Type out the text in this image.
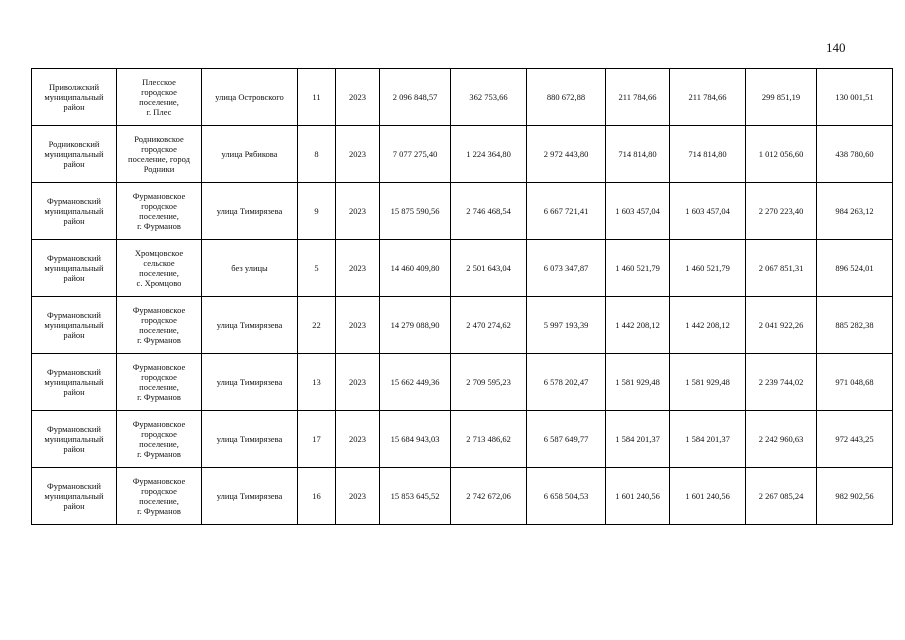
140
Приволжский
муниципальный
район	Плесское
городское
поселение,
г. Плес	улица Островского	11	2023	2 096 848,57	362 753,66	880 672,88	211 784,66	211 784,66	299 851,19	130 001,51
Родниковский
муниципальный
район	Родниковское
городское
поселение, город
Родники	улица Рябикова	8	2023	7 077 275,40	1 224 364,80	2 972 443,80	714 814,80	714 814,80	1 012 056,60	438 780,60
Фурмановский
муниципальный
район	Фурмановское
городское
поселение,
г. Фурманов	улица Тимирязева	9	2023	15 875 590,56	2 746 468,54	6 667 721,41	1 603 457,04	1 603 457,04	2 270 223,40	984 263,12
Фурмановский
муниципальный
район	Хромцовское
сельское
поселение,
с. Хромцово	без улицы	5	2023	14 460 409,80	2 501 643,04	6 073 347,87	1 460 521,79	1 460 521,79	2 067 851,31	896 524,01
Фурмановский
муниципальный
район	Фурмановское
городское
поселение,
г. Фурманов	улица Тимирязева	22	2023	14 279 088,90	2 470 274,62	5 997 193,39	1 442 208,12	1 442 208,12	2 041 922,26	885 282,38
Фурмановский
муниципальный
район	Фурмановское
городское
поселение,
г. Фурманов	улица Тимирязева	13	2023	15 662 449,36	2 709 595,23	6 578 202,47	1 581 929,48	1 581 929,48	2 239 744,02	971 048,68
Фурмановский
муниципальный
район	Фурмановское
городское
поселение,
г. Фурманов	улица Тимирязева	17	2023	15 684 943,03	2 713 486,62	6 587 649,77	1 584 201,37	1 584 201,37	2 242 960,63	972 443,25
Фурмановский
муниципальный
район	Фурмановское
городское
поселение,
г. Фурманов	улица Тимирязева	16	2023	15 853 645,52	2 742 672,06	6 658 504,53	1 601 240,56	1 601 240,56	2 267 085,24	982 902,56
